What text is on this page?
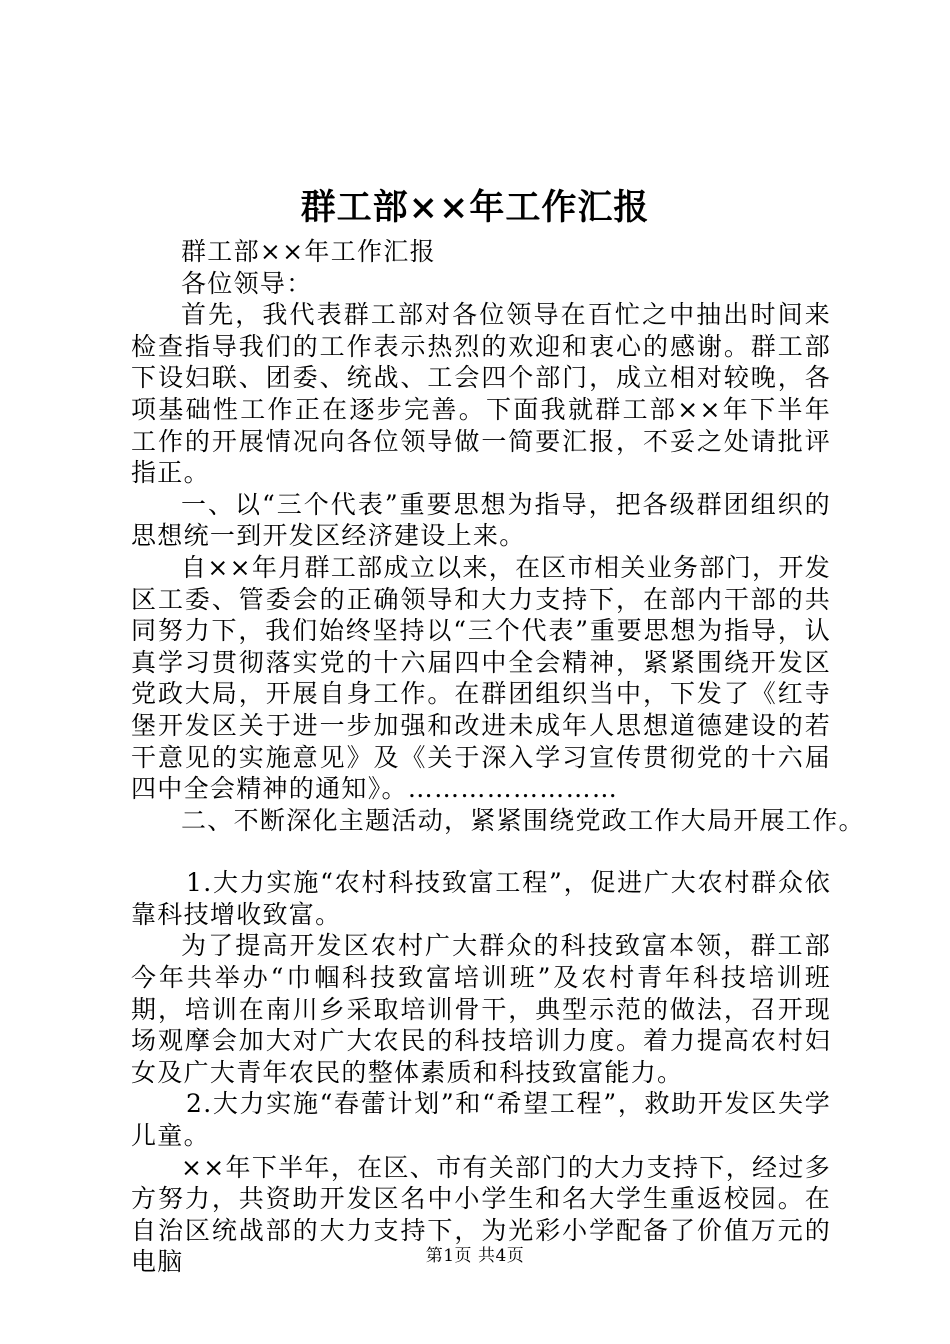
群工部××年工作汇报

群工部××年工作汇报

各位领导：

首先，我代表群工部对各位领导在百忙之中抽出时间来检查指导我们的工作表示热烈的欢迎和衷心的感谢。群工部下设妇联、团委、统战、工会四个部门，成立相对较晚，各项基础性工作正在逐步完善。下面我就群工部××年下半年工作的开展情况向各位领导做一简要汇报，不妥之处请批评指正。

一、以“三个代表”重要思想为指导，把各级群团组织的思想统一到开发区经济建设上来。

自××年月群工部成立以来，在区市相关业务部门，开发区工委、管委会的正确领导和大力支持下，在部内干部的共同努力下，我们始终坚持以“三个代表”重要思想为指导，认真学习贯彻落实党的十六届四中全会精神，紧紧围绕开发区党政大局，开展自身工作。在群团组织当中，下发了《红寺堡开发区关于进一步加强和改进未成年人思想道德建设的若干意见的实施意见》及《关于深入学习宣传贯彻党的十六届四中全会精神的通知》。……………………

二、不断深化主题活动，紧紧围绕党政工作大局开展工作。

1.大力实施“农村科技致富工程”，促进广大农村群众依靠科技增收致富。

为了提高开发区农村广大群众的科技致富本领，群工部今年共举办“巾帼科技致富培训班”及农村青年科技培训班期，培训在南川乡采取培训骨干，典型示范的做法，召开现场观摩会加大对广大农民的科技培训力度。着力提高农村妇女及广大青年农民的整体素质和科技致富能力。

2.大力实施“春蕾计划”和“希望工程”，救助开发区失学儿童。

××年下半年，在区、市有关部门的大力支持下，经过多方努力，共资助开发区名中小学生和名大学生重返校园。在自治区统战部的大力支持下，为光彩小学配备了价值万元的电脑	第1页 共4页
